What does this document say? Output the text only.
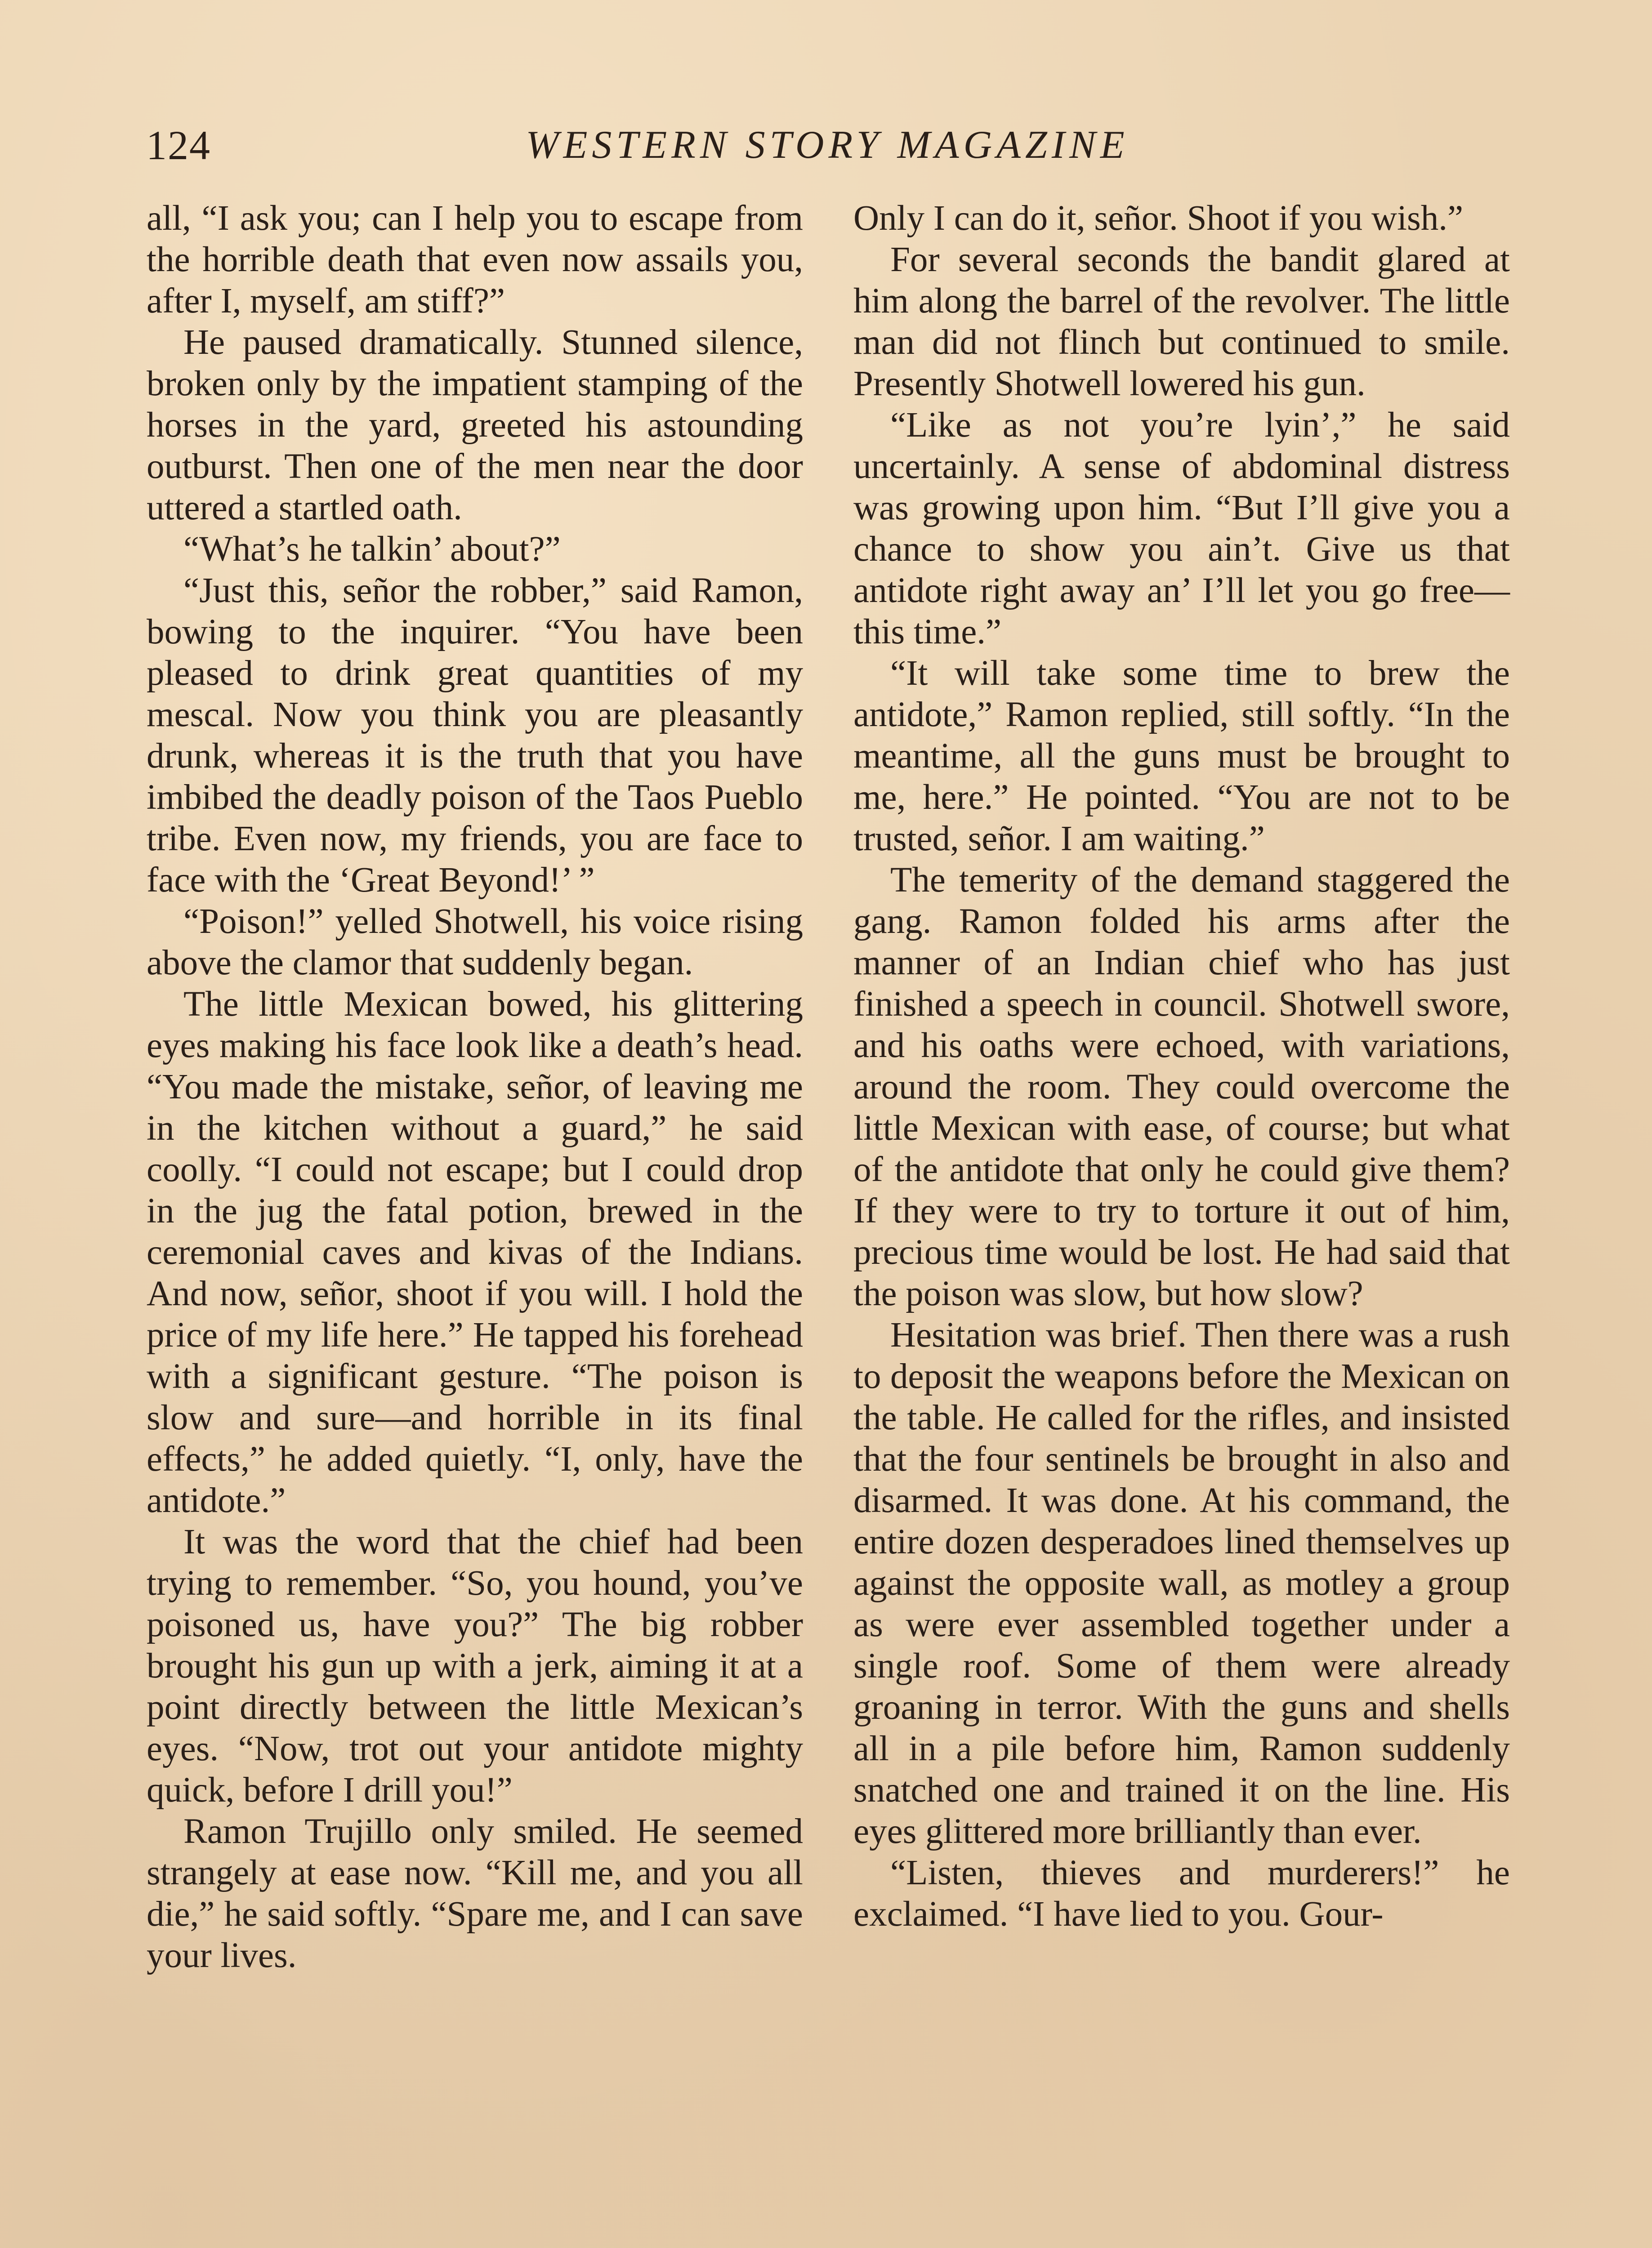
124	WESTERN STORY MAGAZINE

all, “I ask you; can I help you to escape from the horrible death that even now assails you, after I, myself, am stiff?”

He paused dramatically. Stunned silence, broken only by the impatient stamping of the horses in the yard, greeted his astounding outburst. Then one of the men near the door uttered a startled oath.

“What’s he talkin’ about?”

“Just this, señor the robber,” said Ramon, bowing to the inquirer. “You have been pleased to drink great quantities of my mescal. Now you think you are pleasantly drunk, whereas it is the truth that you have imbibed the deadly poison of the Taos Pueblo tribe. Even now, my friends, you are face to face with the ‘Great Beyond!’ ”

“Poison!” yelled Shotwell, his voice rising above the clamor that suddenly began.

The little Mexican bowed, his glittering eyes making his face look like a death’s head. “You made the mistake, señor, of leaving me in the kitchen without a guard,” he said coolly. “I could not escape; but I could drop in the jug the fatal potion, brewed in the ceremonial caves and kivas of the Indians. And now, señor, shoot if you will. I hold the price of my life here.” He tapped his forehead with a significant gesture. “The poison is slow and sure—and horrible in its final effects,” he added quietly. “I, only, have the antidote.”

It was the word that the chief had been trying to remember. “So, you hound, you’ve poisoned us, have you?” The big robber brought his gun up with a jerk, aiming it at a point directly between the little Mexican’s eyes. “Now, trot out your antidote mighty quick, before I drill you!”

Ramon Trujillo only smiled. He seemed strangely at ease now. “Kill me, and you all die,” he said softly. “Spare me, and I can save your lives.

Only I can do it, señor. Shoot if you wish.”

For several seconds the bandit glared at him along the barrel of the revolver. The little man did not flinch but continued to smile. Presently Shotwell lowered his gun.

“Like as not you’re lyin’,” he said uncertainly. A sense of abdominal distress was growing upon him. “But I’ll give you a chance to show you ain’t. Give us that antidote right away an’ I’ll let you go free—this time.”

“It will take some time to brew the antidote,” Ramon replied, still softly. “In the meantime, all the guns must be brought to me, here.” He pointed. “You are not to be trusted, señor. I am waiting.”

The temerity of the demand staggered the gang. Ramon folded his arms after the manner of an Indian chief who has just finished a speech in council. Shotwell swore, and his oaths were echoed, with variations, around the room. They could overcome the little Mexican with ease, of course; but what of the antidote that only he could give them? If they were to try to torture it out of him, precious time would be lost. He had said that the poison was slow, but how slow?

Hesitation was brief. Then there was a rush to deposit the weapons before the Mexican on the table. He called for the rifles, and insisted that the four sentinels be brought in also and disarmed. It was done. At his command, the entire dozen desperadoes lined themselves up against the opposite wall, as motley a group as were ever assembled together under a single roof. Some of them were already groaning in terror. With the guns and shells all in a pile before him, Ramon suddenly snatched one and trained it on the line. His eyes glittered more brilliantly than ever.

“Listen, thieves and murderers!” he exclaimed. “I have lied to you. Gour-
